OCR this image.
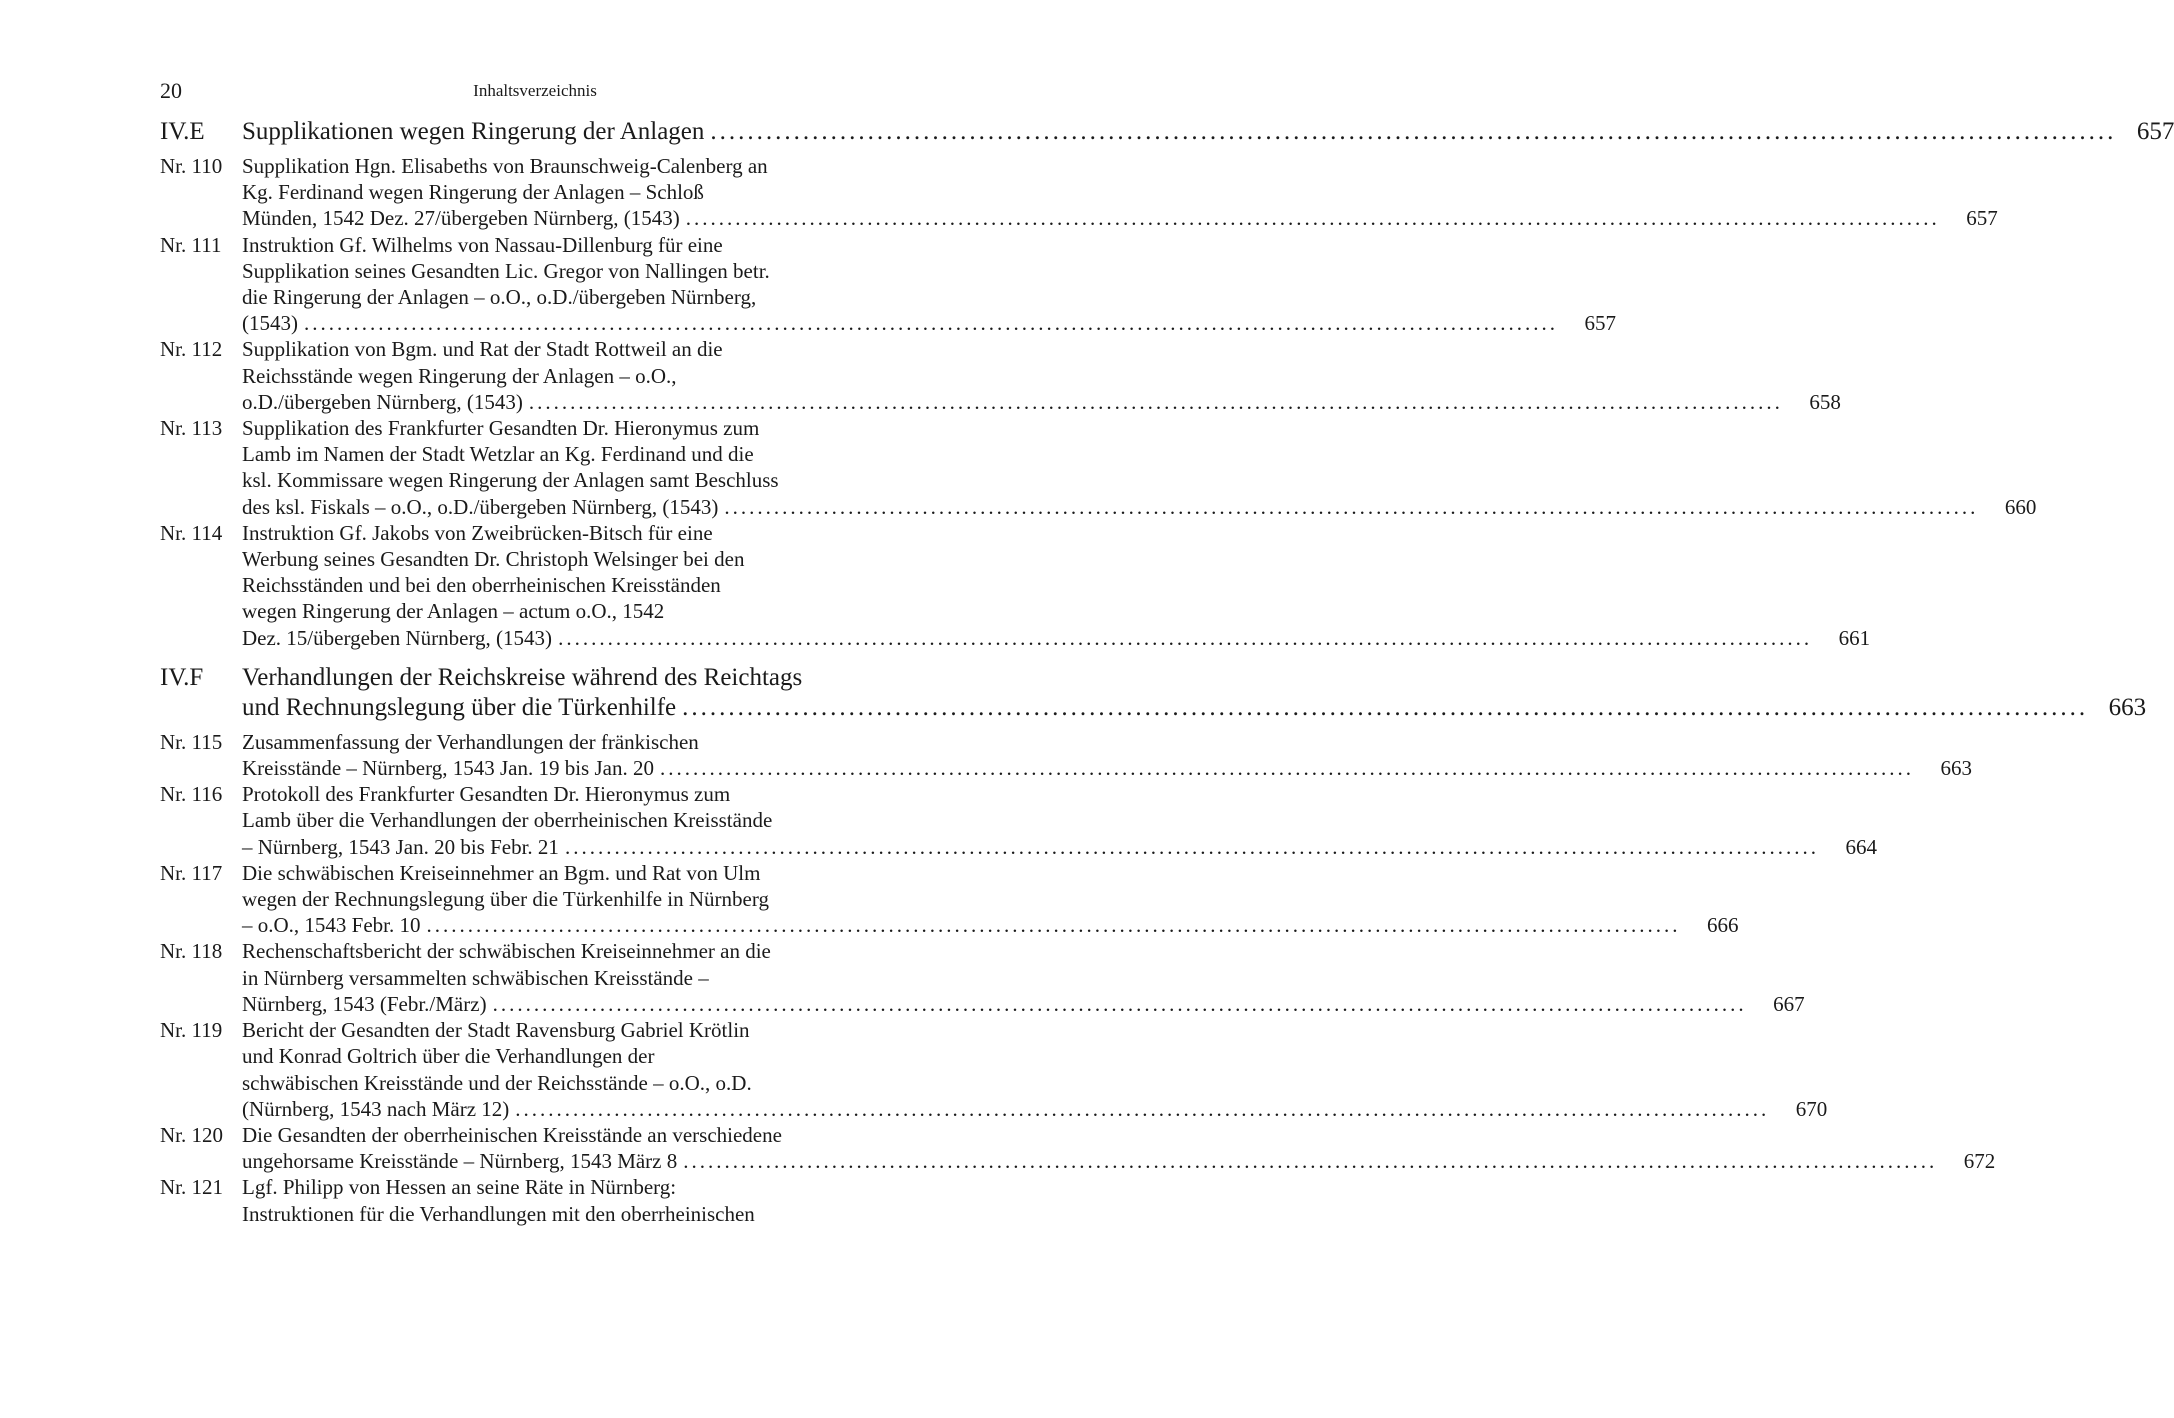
20	Inhaltsverzeichnis
IV.E	Supplikationen wegen Ringerung der Anlagen .....	657
Nr. 110 Supplikation Hgn. Elisabeths von Braunschweig-Calenberg an
Kg. Ferdinand wegen Ringerung der Anlagen – Schloß
Münden, 1542 Dez. 27/übergeben Nürnberg, (1543) .....	657
Nr. 111 Instruktion Gf. Wilhelms von Nassau-Dillenburg für eine
Supplikation seines Gesandten Lic. Gregor von Nallingen betr.
die Ringerung der Anlagen – o.O., o.D./übergeben Nürnberg,
(1543) .....	657
Nr. 112 Supplikation von Bgm. und Rat der Stadt Rottweil an die
Reichsstände wegen Ringerung der Anlagen – o.O.,
o.D./übergeben Nürnberg, (1543) .....	658
Nr. 113 Supplikation des Frankfurter Gesandten Dr. Hieronymus zum
Lamb im Namen der Stadt Wetzlar an Kg. Ferdinand und die
ksl. Kommissare wegen Ringerung der Anlagen samt Beschluss
des ksl. Fiskals – o.O., o.D./übergeben Nürnberg, (1543) .....	660
Nr. 114 Instruktion Gf. Jakobs von Zweibrücken-Bitsch für eine
Werbung seines Gesandten Dr. Christoph Welsinger bei den
Reichsständen und bei den oberrheinischen Kreisständen
wegen Ringerung der Anlagen – actum o.O., 1542
Dez. 15/übergeben Nürnberg, (1543) .....	661
IV.F	Verhandlungen der Reichskreise während des Reichtags
und Rechnungslegung über die Türkenhilfe .....	663
Nr. 115 Zusammenfassung der Verhandlungen der fränkischen
Kreisstände – Nürnberg, 1543 Jan. 19 bis Jan. 20 .....	663
Nr. 116 Protokoll des Frankfurter Gesandten Dr. Hieronymus zum
Lamb über die Verhandlungen der oberrheinischen Kreisstände
– Nürnberg, 1543 Jan. 20 bis Febr. 21 .....	664
Nr. 117 Die schwäbischen Kreiseinnehmer an Bgm. und Rat von Ulm
wegen der Rechnungslegung über die Türkenhilfe in Nürnberg
– o.O., 1543 Febr. 10 .....	666
Nr. 118 Rechenschaftsbericht der schwäbischen Kreiseinnehmer an die
in Nürnberg versammelten schwäbischen Kreisstände –
Nürnberg, 1543 (Febr./März) .....	667
Nr. 119 Bericht der Gesandten der Stadt Ravensburg Gabriel Krötlin
und Konrad Goltrich über die Verhandlungen der
schwäbischen Kreisstände und der Reichsstände – o.O., o.D.
(Nürnberg, 1543 nach März 12) .....	670
Nr. 120 Die Gesandten der oberrheinischen Kreisstände an verschiedene
ungehorsame Kreisstände – Nürnberg, 1543 März 8 .....	672
Nr. 121 Lgf. Philipp von Hessen an seine Räte in Nürnberg:
Instruktionen für die Verhandlungen mit den oberrheinischen
